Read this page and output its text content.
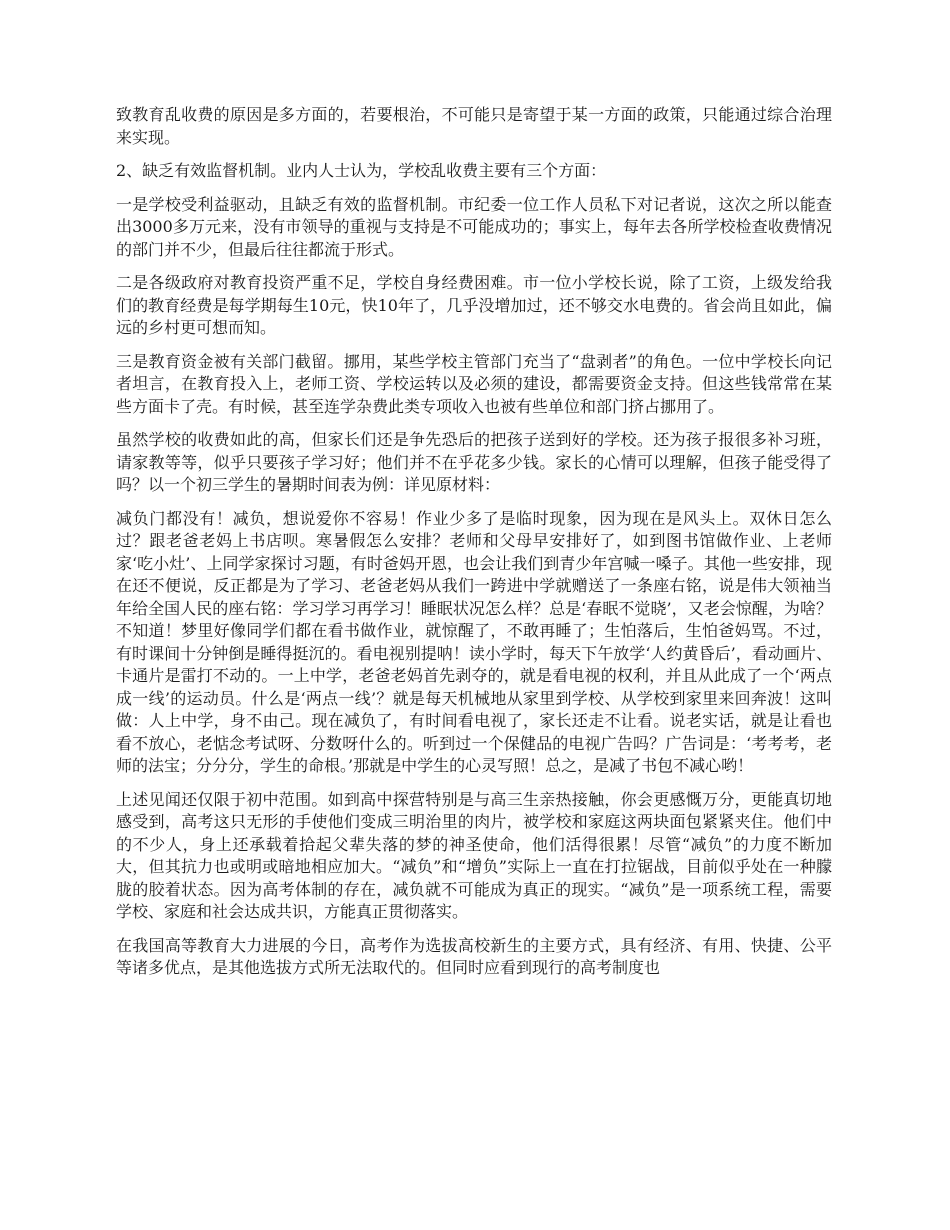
致教育乱收费的原因是多方面的，若要根治，不可能只是寄望于某一方面的政策，只能通过综合治理来实现。

2、缺乏有效监督机制。业内人士认为，学校乱收费主要有三个方面：

一是学校受利益驱动，且缺乏有效的监督机制。市纪委一位工作人员私下对记者说，这次之所以能查出3000多万元来，没有市领导的重视与支持是不可能成功的；事实上，每年去各所学校检查收费情况的部门并不少，但最后往往都流于形式。

二是各级政府对教育投资严重不足，学校自身经费困难。市一位小学校长说，除了工资，上级发给我们的教育经费是每学期每生10元，快10年了，几乎没增加过，还不够交水电费的。省会尚且如此，偏远的乡村更可想而知。

三是教育资金被有关部门截留。挪用，某些学校主管部门充当了“盘剥者”的角色。一位中学校长向记者坦言，在教育投入上，老师工资、学校运转以及必须的建设，都需要资金支持。但这些钱常常在某些方面卡了壳。有时候，甚至连学杂费此类专项收入也被有些单位和部门挤占挪用了。

虽然学校的收费如此的高，但家长们还是争先恐后的把孩子送到好的学校。还为孩子报很多补习班，请家教等等，似乎只要孩子学习好；他们并不在乎花多少钱。家长的心情可以理解，但孩子能受得了吗？以一个初三学生的暑期时间表为例：详见原材料：

减负门都没有！减负，想说爱你不容易！作业少多了是临时现象，因为现在是风头上。双休日怎么过？跟老爸老妈上书店呗。寒暑假怎么安排？老师和父母早安排好了，如到图书馆做作业、上老师家‘吃小灶’、上同学家探讨习题，有时爸妈开恩，也会让我们到青少年宫喊一嗓子。其他一些安排，现在还不便说，反正都是为了学习、老爸老妈从我们一跨进中学就赠送了一条座右铭，说是伟大领袖当年给全国人民的座右铭：学习学习再学习！睡眠状况怎么样？总是‘春眠不觉晓’，又老会惊醒，为啥？不知道！梦里好像同学们都在看书做作业，就惊醒了，不敢再睡了；生怕落后，生怕爸妈骂。不过，有时课间十分钟倒是睡得挺沉的。看电视别提呐！读小学时，每天下午放学‘人约黄昏后’，看动画片、卡通片是雷打不动的。一上中学，老爸老妈首先剥夺的，就是看电视的权利，并且从此成了一个‘两点成一线’的运动员。什么是‘两点一线’？就是每天机械地从家里到学校、从学校到家里来回奔波！这叫做：人上中学，身不由己。现在减负了，有时间看电视了，家长还走不让看。说老实话，就是让看也看不放心，老惦念考试呀、分数呀什么的。听到过一个保健品的电视广告吗？广告词是：‘考考考，老师的法宝；分分分，学生的命根。’那就是中学生的心灵写照！总之，是减了书包不减心哟！

上述见闻还仅限于初中范围。如到高中探营特别是与高三生亲热接触，你会更感慨万分，更能真切地感受到，高考这只无形的手使他们变成三明治里的肉片，被学校和家庭这两块面包紧紧夹住。他们中的不少人，身上还承载着拾起父辈失落的梦的神圣使命，他们活得很累！尽管“减负”的力度不断加大，但其抗力也或明或暗地相应加大。“减负”和“增负”实际上一直在打拉锯战，目前似乎处在一种朦胧的胶着状态。因为高考体制的存在，减负就不可能成为真正的现实。“减负”是一项系统工程，需要学校、家庭和社会达成共识，方能真正贯彻落实。

在我国高等教育大力进展的今日，高考作为选拔高校新生的主要方式，具有经济、有用、快捷、公平等诸多优点，是其他选拔方式所无法取代的。但同时应看到现行的高考制度也
